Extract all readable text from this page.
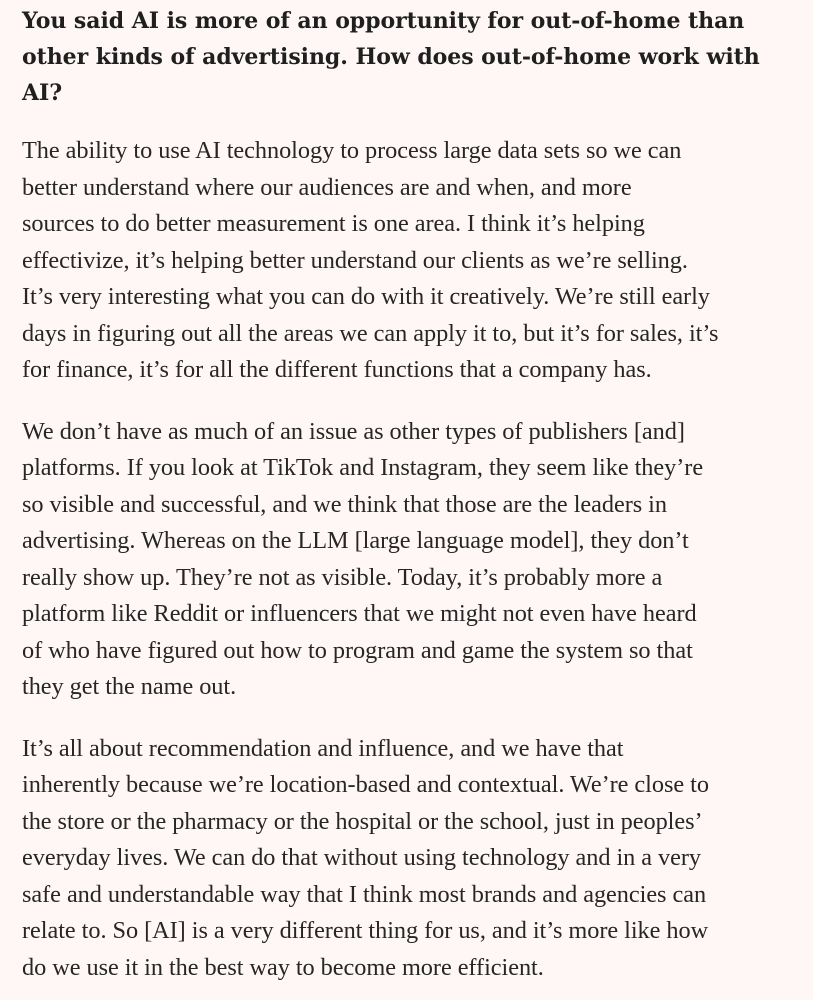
You said AI is more of an opportunity for out-of-home than
other kinds of advertising. How does out-of-home work with
AI?

The ability to use AI technology to process large data sets so we can
better understand where our audiences are and when, and more
sources to do better measurement is one area. I think it’s helping
effectivize, it’s helping better understand our clients as we’re selling.
It’s very interesting what you can do with it creatively. We’re still early
days in figuring out all the areas we can apply it to, but it’s for sales, it’s
for finance, it’s for all the different functions that a company has.

We don’t have as much of an issue as other types of publishers [and]
platforms. If you look at TikTok and Instagram, they seem like they’re
so visible and successful, and we think that those are the leaders in
advertising. Whereas on the LLM [large language model], they don’t
really show up. They’re not as visible. Today, it’s probably more a
platform like Reddit or influencers that we might not even have heard
of who have figured out how to program and game the system so that
they get the name out.

It’s all about recommendation and influence, and we have that
inherently because we’re location-based and contextual. We’re close to
the store or the pharmacy or the hospital or the school, just in peoples’
everyday lives. We can do that without using technology and in a very
safe and understandable way that I think most brands and agencies can
relate to. So [AI] is a very different thing for us, and it’s more like how
do we use it in the best way to become more efficient.
